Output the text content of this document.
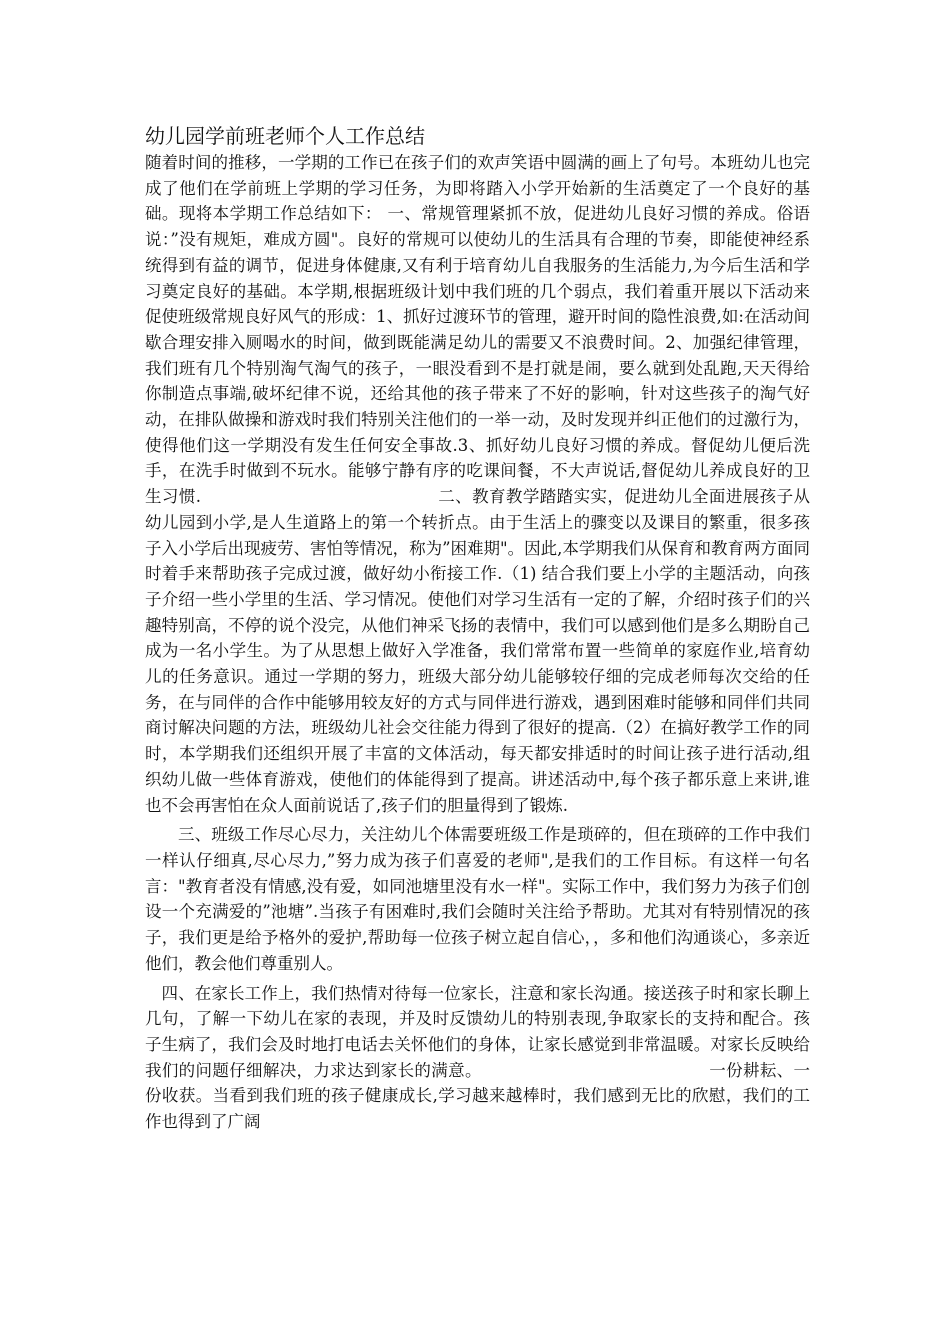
幼儿园学前班老师个人工作总结

随着时间的推移，一学期的工作已在孩子们的欢声笑语中圆满的画上了句号。本班幼儿也完成了他们在学前班上学期的学习任务，为即将踏入小学开始新的生活奠定了一个良好的基础。现将本学期工作总结如下： 一、常规管理紧抓不放，促进幼儿良好习惯的养成。俗语说：”没有规矩，难成方圆"。良好的常规可以使幼儿的生活具有合理的节奏，即能使神经系统得到有益的调节，促进身体健康,又有利于培育幼儿自我服务的生活能力,为今后生活和学习奠定良好的基础。本学期,根据班级计划中我们班的几个弱点，我们着重开展以下活动来促使班级常规良好风气的形成：1、抓好过渡环节的管理，避开时间的隐性浪费,如:在活动间歇合理安排入厕喝水的时间，做到既能满足幼儿的需要又不浪费时间。2、加强纪律管理，我们班有几个特别淘气淘气的孩子，一眼没看到不是打就是闹，要么就到处乱跑,天天得给你制造点事端,破坏纪律不说，还给其他的孩子带来了不好的影响，针对这些孩子的淘气好动，在排队做操和游戏时我们特别关注他们的一举一动，及时发现并纠正他们的过激行为，使得他们这一学期没有发生任何安全事故.3、抓好幼儿良好习惯的养成。督促幼儿便后洗手，在洗手时做到不玩水。能够宁静有序的吃课间餐，不大声说话,督促幼儿养成良好的卫生习惯.　　　　　　　　　　　　　　二、教育教学踏踏实实，促进幼儿全面进展孩子从幼儿园到小学,是人生道路上的第一个转折点。由于生活上的骤变以及课目的繁重，很多孩子入小学后出现疲劳、害怕等情况，称为”困难期"。因此,本学期我们从保育和教育两方面同时着手来帮助孩子完成过渡，做好幼小衔接工作.（1) 结合我们要上小学的主题活动，向孩子介绍一些小学里的生活、学习情况。使他们对学习生活有一定的了解，介绍时孩子们的兴趣特别高，不停的说个没完，从他们神采飞扬的表情中，我们可以感到他们是多么期盼自己成为一名小学生。为了从思想上做好入学准备，我们常常布置一些简单的家庭作业,培育幼儿的任务意识。通过一学期的努力，班级大部分幼儿能够较仔细的完成老师每次交给的任务，在与同伴的合作中能够用较友好的方式与同伴进行游戏，遇到困难时能够和同伴们共同商讨解决问题的方法，班级幼儿社会交往能力得到了很好的提高.（2）在搞好教学工作的同时，本学期我们还组织开展了丰富的文体活动，每天都安排适时的时间让孩子进行活动,组织幼儿做一些体育游戏，使他们的体能得到了提高。讲述活动中,每个孩子都乐意上来讲,谁也不会再害怕在众人面前说话了,孩子们的胆量得到了锻炼.

三、班级工作尽心尽力，关注幼儿个体需要班级工作是琐碎的，但在琐碎的工作中我们一样认仔细真,尽心尽力,”努力成为孩子们喜爱的老师",是我们的工作目标。有这样一句名言："教育者没有情感,没有爱，如同池塘里没有水一样"。实际工作中，我们努力为孩子们创设一个充满爱的”池塘”.当孩子有困难时,我们会随时关注给予帮助。尤其对有特别情况的孩子，我们更是给予格外的爱护,帮助每一位孩子树立起自信心，，多和他们沟通谈心，多亲近他们，教会他们尊重别人。

四、在家长工作上，我们热情对待每一位家长，注意和家长沟通。接送孩子时和家长聊上几句，了解一下幼儿在家的表现，并及时反馈幼儿的特别表现,争取家长的支持和配合。孩子生病了，我们会及时地打电话去关怀他们的身体，让家长感觉到非常温暖。对家长反映给我们的问题仔细解决，力求达到家长的满意。　　　　　　　　　　　　　　一份耕耘、一份收获。当看到我们班的孩子健康成长,学习越来越棒时，我们感到无比的欣慰，我们的工作也得到了广阔
